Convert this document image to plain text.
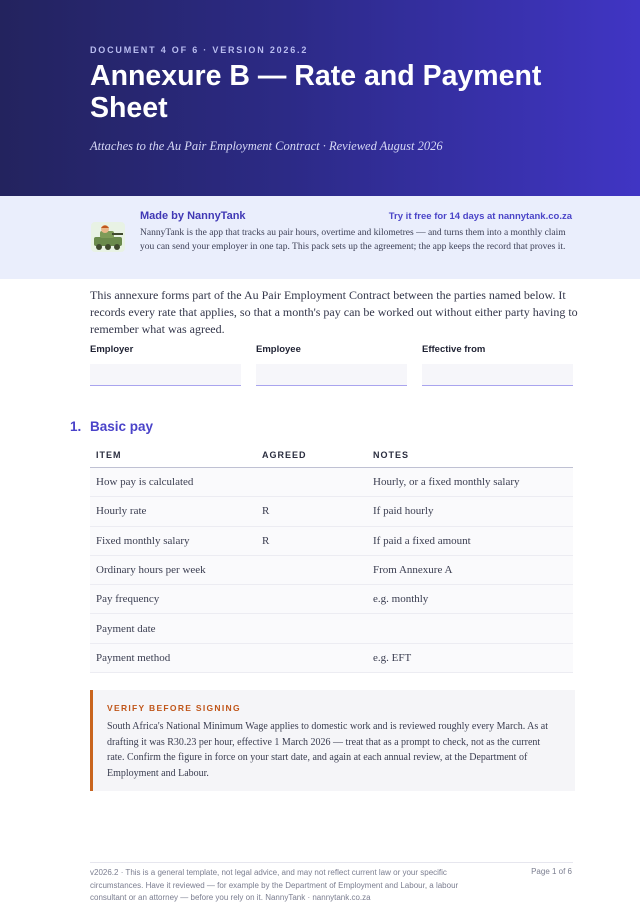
DOCUMENT 4 OF 6 · VERSION 2026.2
Annexure B — Rate and Payment Sheet
Attaches to the Au Pair Employment Contract · Reviewed August 2026
Made by NannyTank	Try it free for 14 days at nannytank.co.za
NannyTank is the app that tracks au pair hours, overtime and kilometres — and turns them into a monthly claim you can send your employer in one tap. This pack sets up the agreement; the app keeps the record that proves it.
This annexure forms part of the Au Pair Employment Contract between the parties named below. It records every rate that applies, so that a month's pay can be worked out without either party having to remember what was agreed.
Employer	Employee	Effective from
1. Basic pay
ITEM	AGREED	NOTES
How pay is calculated		Hourly, or a fixed monthly salary
Hourly rate	R	If paid hourly
Fixed monthly salary	R	If paid a fixed amount
Ordinary hours per week		From Annexure A
Pay frequency		e.g. monthly
Payment date		
Payment method		e.g. EFT
VERIFY BEFORE SIGNING
South Africa's National Minimum Wage applies to domestic work and is reviewed roughly every March. As at drafting it was R30.23 per hour, effective 1 March 2026 — treat that as a prompt to check, not as the current rate. Confirm the figure in force on your start date, and again at each annual review, at the Department of Employment and Labour.
v2026.2 · This is a general template, not legal advice, and may not reflect current law or your specific circumstances. Have it reviewed — for example by the Department of Employment and Labour, a labour consultant or an attorney — before you rely on it. NannyTank · nannytank.co.za
Page 1 of 6
